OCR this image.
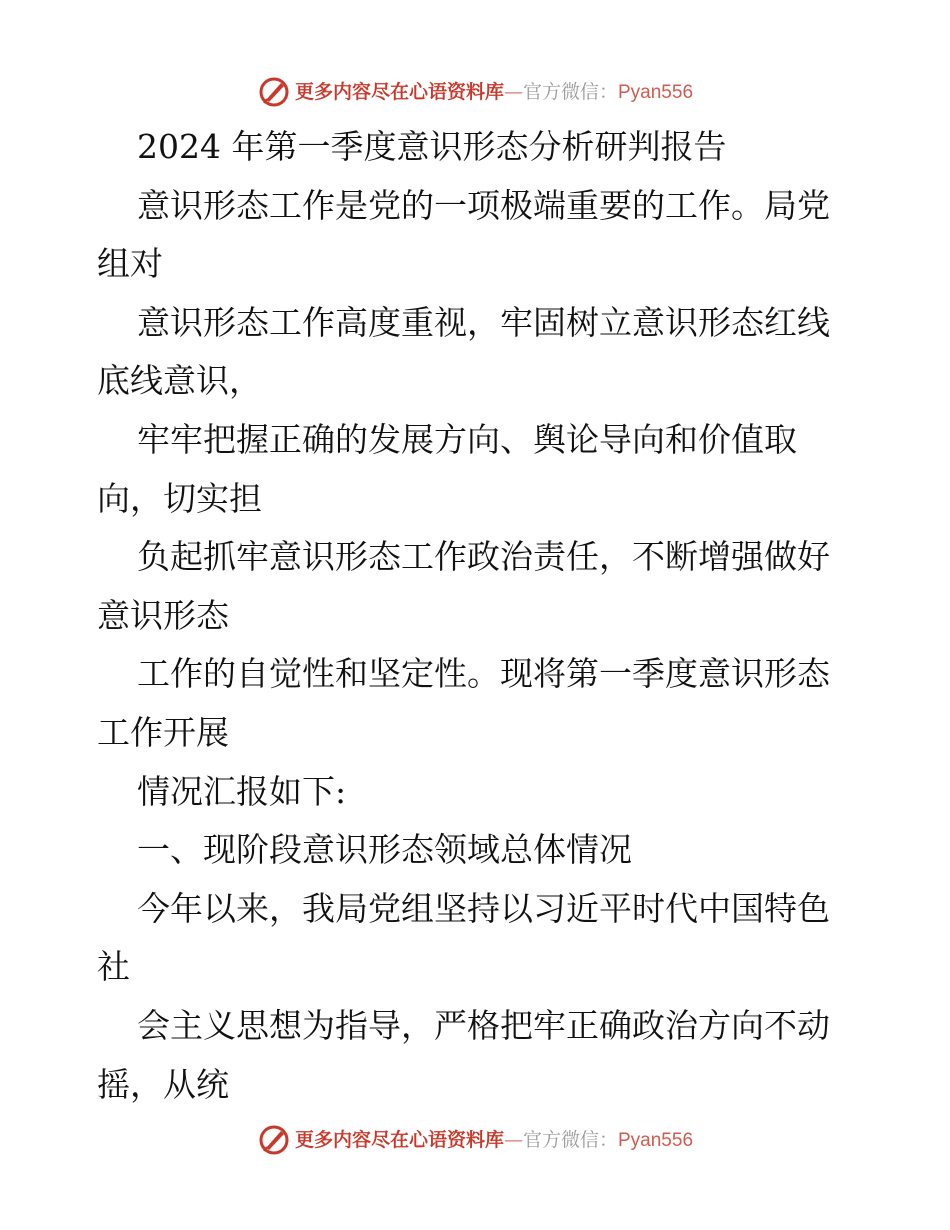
更多内容尽在心语资料库 — 官方微信： Pyan556

2024 年第一季度意识形态分析研判报告

意识形态工作是党的一项极端重要的工作。局党

组对

意识形态工作高度重视，牢固树立意识形态红线

底线意识，

牢牢把握正确的发展方向、舆论导向和价值取

向，切实担

负起抓牢意识形态工作政治责任，不断增强做好

意识形态

工作的自觉性和坚定性。现将第一季度意识形态

工作开展

情况汇报如下:

一、现阶段意识形态领域总体情况

今年以来，我局党组坚持以习近平时代中国特色

社

会主义思想为指导，严格把牢正确政治方向不动

摇，从统

更多内容尽在心语资料库 — 官方微信： Pyan556
